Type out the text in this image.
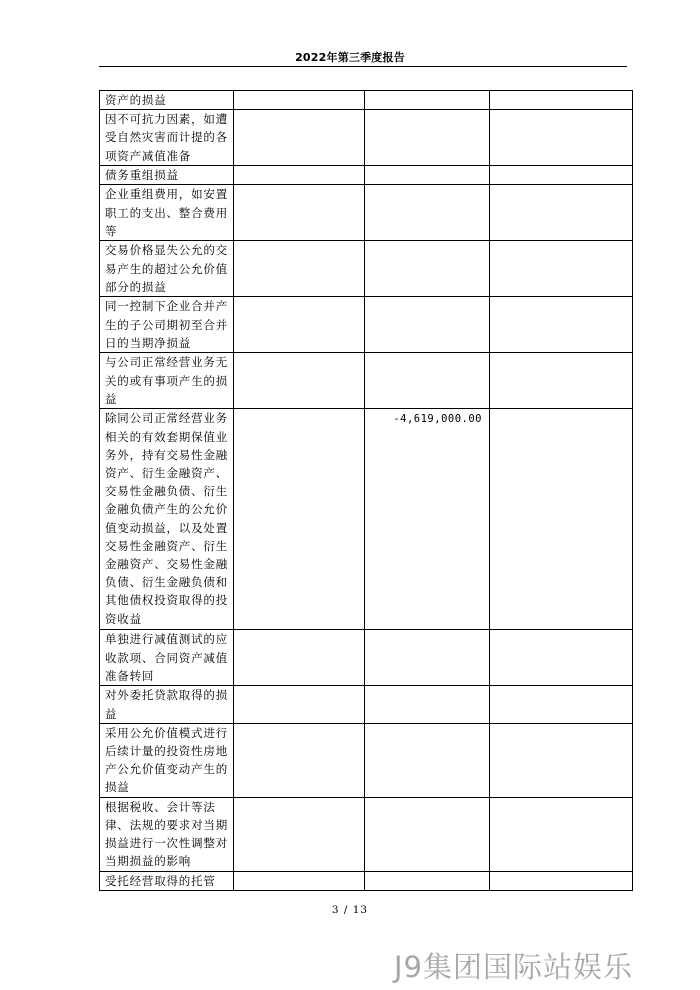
2022年第三季度报告
资产的损益			
因不可抗力因素，如遭受自然灾害而计提的各项资产减值准备			
债务重组损益			
企业重组费用，如安置职工的支出、整合费用等			
交易价格显失公允的交易产生的超过公允价值部分的损益			
同一控制下企业合并产生的子公司期初至合并日的当期净损益			
与公司正常经营业务无关的或有事项产生的损益			
除同公司正常经营业务相关的有效套期保值业务外，持有交易性金融资产、衍生金融资产、交易性金融负债、衍生金融负债产生的公允价值变动损益，以及处置交易性金融资产、衍生金融资产、交易性金融负债、衍生金融负债和其他债权投资取得的投资收益		-4,619,000.00	
单独进行减值测试的应收款项、合同资产减值准备转回			
对外委托贷款取得的损益			
采用公允价值模式进行后续计量的投资性房地产公允价值变动产生的损益			
根据税收、会计等法律、法规的要求对当期损益进行一次性调整对当期损益的影响			
受托经营取得的托管			
3 / 13
J9集团国际站娱乐
